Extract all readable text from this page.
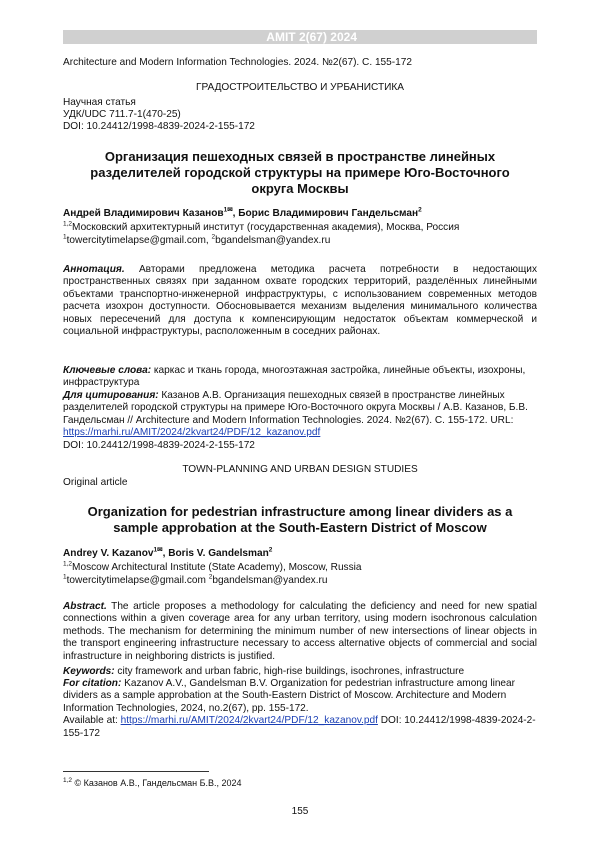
AMIT 2(67) 2024
Architecture and Modern Information Technologies. 2024. №2(67). С. 155-172
ГРАДОСТРОИТЕЛЬСТВО И УРБАНИСТИКА
Научная статья
УДК/UDC 711.7-1(470-25)
DOI: 10.24412/1998-4839-2024-2-155-172
Организация пешеходных связей в пространстве линейных
разделителей городской структуры на примере Юго-Восточного
округа Москвы
Андрей Владимирович Казанов$^{1✉}$, Борис Владимирович Гандельсман$^2$
$^{1,2}$Московский архитектурный институт (государственная академия), Москва, Россия
$^1$towercitytimelapse@gmail.com, $^2$bgandelsman@yandex.ru
Аннотация. Авторами предложена методика расчета потребности в недостающих пространственных связях при заданном охвате городских территорий, разделённых линейными объектами транспортно-инженерной инфраструктуры, с использованием современных методов расчета изохрон доступности. Обосновывается механизм выделения минимального количества новых пересечений для доступа к компенсирующим недостаток объектам коммерческой и социальной инфраструктуры, расположенным в соседних районах.
Ключевые слова: каркас и ткань города, многоэтажная застройка, линейные объекты, изохроны, инфраструктура
Для цитирования: Казанов А.В. Организация пешеходных связей в пространстве линейных разделителей городской структуры на примере Юго-Восточного округа Москвы / А.В. Казанов, Б.В. Гандельсман // Architecture and Modern Information Technologies. 2024. №2(67). С. 155-172. URL: https://marhi.ru/AMIT/2024/2kvart24/PDF/12_kazanov.pdf
DOI: 10.24412/1998-4839-2024-2-155-172
TOWN-PLANNING AND URBAN DESIGN STUDIES
Original article
Organization for pedestrian infrastructure among linear dividers as a
sample approbation at the South-Eastern District of Moscow
Andrey V. Kazanov$^{1✉}$, Boris V. Gandelsman$^2$
$^{1,2}$Moscow Architectural Institute (State Academy), Moscow, Russia
$^1$towercitytimelapse@gmail.com $^2$bgandelsman@yandex.ru
Abstract. The article proposes a methodology for calculating the deficiency and need for new spatial connections within a given coverage area for any urban territory, using modern isochronous calculation methods. The mechanism for determining the minimum number of new intersections of linear objects in the transport engineering infrastructure necessary to access alternative objects of commercial and social infrastructure in neighboring districts is justified.
Keywords: city framework and urban fabric, high-rise buildings, isochrones, infrastructure
For citation: Kazanov A.V., Gandelsman B.V. Organization for pedestrian infrastructure among linear dividers as a sample approbation at the South-Eastern District of Moscow. Architecture and Modern Information Technologies, 2024, no.2(67), pp. 155-172.
Available at: https://marhi.ru/AMIT/2024/2kvart24/PDF/12_kazanov.pdf DOI: 10.24412/1998-4839-2024-2-155-172
$^{1,2}$ © Казанов А.В., Гандельсман Б.В., 2024
155
